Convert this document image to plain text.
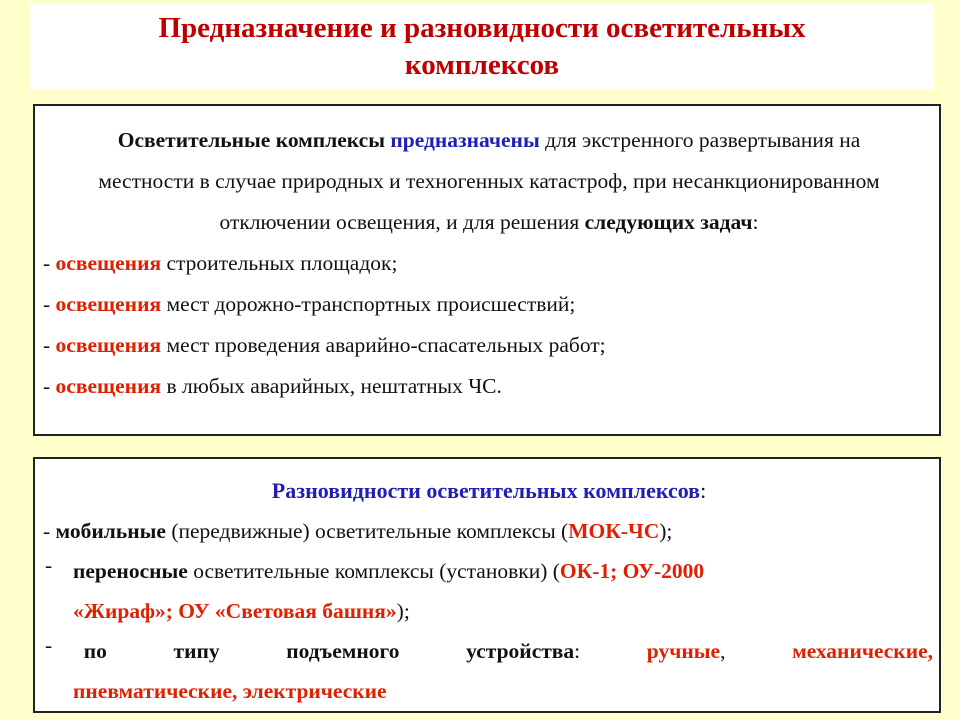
Предназначение и разновидности осветительных
комплексов
Осветительные комплексы предназначены для экстренного развертывания на местности в случае природных и техногенных катастроф, при несанкционированном отключении освещения, и для решения следующих задач:
- освещения строительных площадок;
- освещения мест дорожно-транспортных происшествий;
- освещения мест проведения аварийно-спасательных работ;
- освещения в любых аварийных, нештатных ЧС.
Разновидности осветительных комплексов:
- мобильные (передвижные) осветительные комплексы (МОК-ЧС);
- переносные осветительные комплексы (установки) (ОК-1; ОУ-2000
«Жираф»; ОУ «Световая башня»);
-	по	типу	подъемного	устройства:	ручные,	механические,
пневматические, электрические
